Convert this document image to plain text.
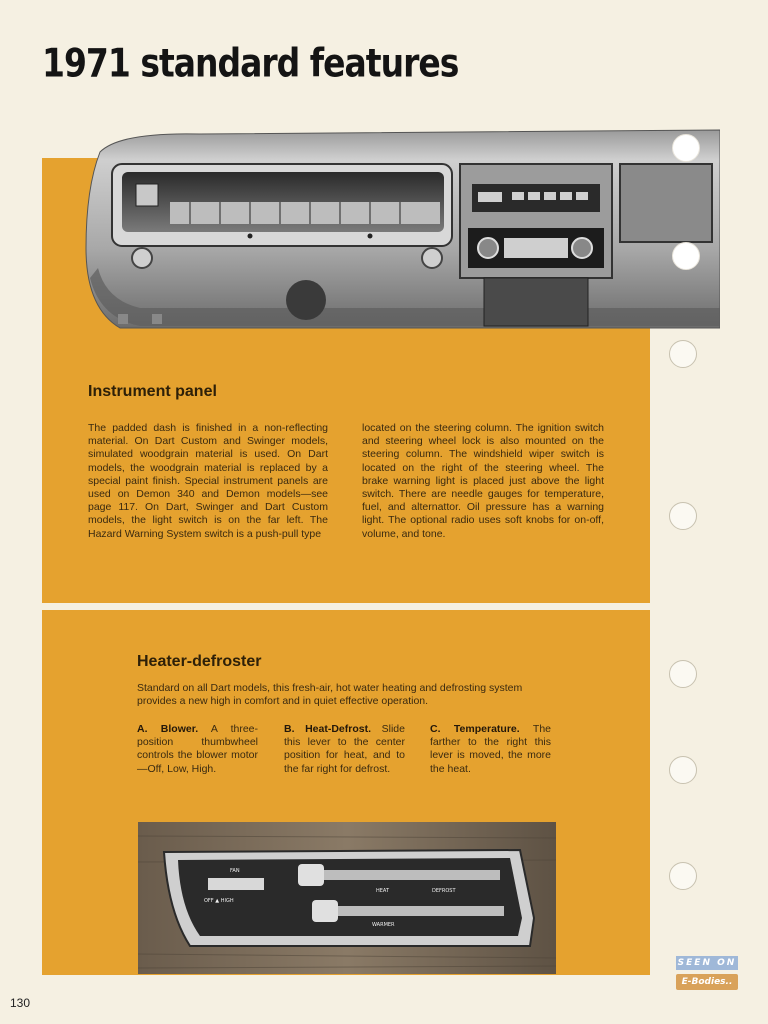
1971 standard features
Instrument panel
The padded dash is finished in a non-reflecting material. On Dart Custom and Swinger models, simulated woodgrain material is used. On Dart models, the woodgrain material is replaced by a special paint finish. Special instrument panels are used on Demon 340 and Demon models—see page 117. On Dart, Swinger and Dart Custom models, the light switch is on the far left. The Hazard Warning System switch is a push-pull type
located on the steering column. The ignition switch and steering wheel lock is also mounted on the steering column. The windshield wiper switch is located on the right of the steering wheel. The brake warning light is placed just above the light switch. There are needle gauges for temperature, fuel, and alternattor. Oil pressure has a warning light. The optional radio uses soft knobs for on-off, volume, and tone.
Heater-defroster
Standard on all Dart models, this fresh-air, hot water heating and defrosting system provides a new high in comfort and in quiet effective operation.
A. Blower. A three-position thumbwheel controls the blower motor—Off, Low, High.
B. Heat-Defrost. Slide this lever to the center position for heat, and to the far right for defrost.
C. Temperature. The farther to the right this lever is moved, the more the heat.
FAN
OFF ▲ HIGH
HEAT	DEFROST
WARMER
130
SEEN ON
E-Bodies..
